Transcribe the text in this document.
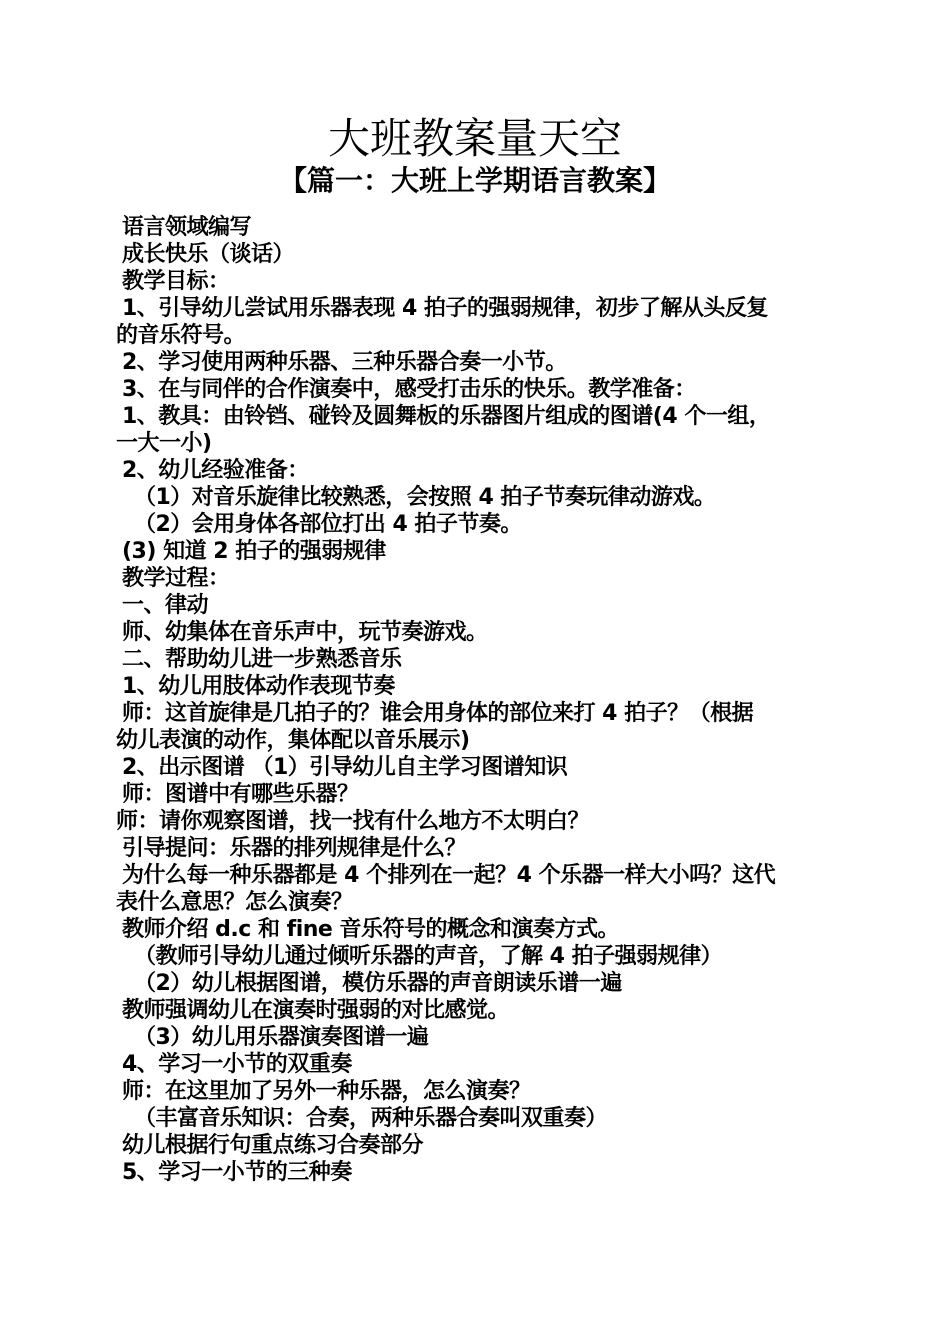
大班教案量天空
【篇一：大班上学期语言教案】
语言领域编写
成长快乐（谈话）
教学目标：
1、引导幼儿尝试用乐器表现 4 拍子的强弱规律，初步了解从头反复
的音乐符号。
2、学习使用两种乐器、三种乐器合奏一小节。
3、在与同伴的合作演奏中，感受打击乐的快乐。教学准备：
1、教具：由铃铛、碰铃及圆舞板的乐器图片组成的图谱(4 个一组，
一大一小)
2、幼儿经验准备：
（1）对音乐旋律比较熟悉，会按照 4 拍子节奏玩律动游戏。
（2）会用身体各部位打出 4 拍子节奏。
(3) 知道 2 拍子的强弱规律
教学过程：
一、律动
师、幼集体在音乐声中，玩节奏游戏。
二、帮助幼儿进一步熟悉音乐
1、幼儿用肢体动作表现节奏
师：这首旋律是几拍子的？谁会用身体的部位来打 4 拍子？（根据
幼儿表演的动作，集体配以音乐展示)
2、出示图谱 （1）引导幼儿自主学习图谱知识
师：图谱中有哪些乐器？
师：请你观察图谱，找一找有什么地方不太明白？
引导提问：乐器的排列规律是什么？
为什么每一种乐器都是 4 个排列在一起？4 个乐器一样大小吗？这代
表什么意思？怎么演奏？
教师介绍 d.c 和 fine 音乐符号的概念和演奏方式。
（教师引导幼儿通过倾听乐器的声音，了解 4 拍子强弱规律）
（2）幼儿根据图谱，模仿乐器的声音朗读乐谱一遍
教师强调幼儿在演奏时强弱的对比感觉。
（3）幼儿用乐器演奏图谱一遍
4、学习一小节的双重奏
师：在这里加了另外一种乐器，怎么演奏？
（丰富音乐知识：合奏，两种乐器合奏叫双重奏）
幼儿根据行句重点练习合奏部分
5、学习一小节的三种奏
